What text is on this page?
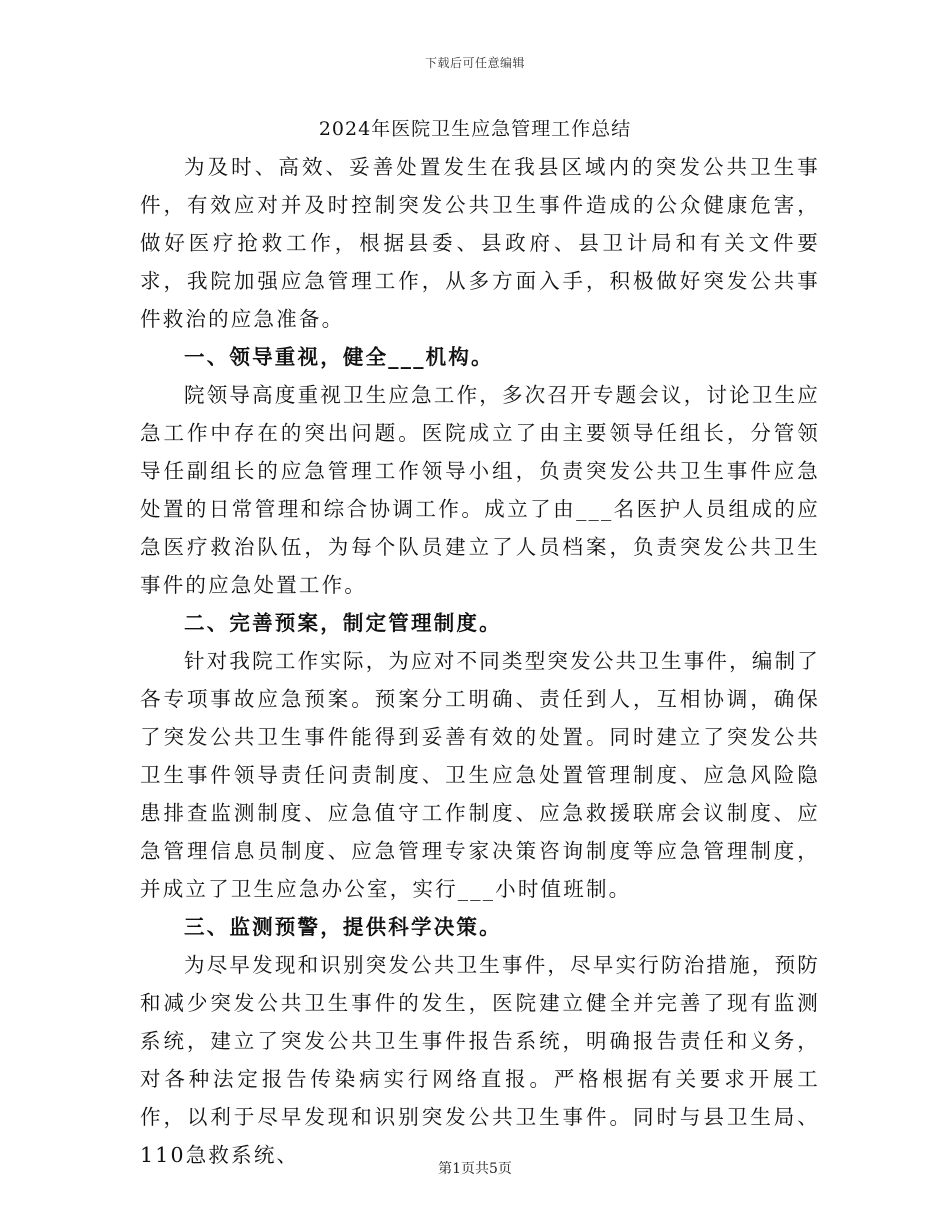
下载后可任意编辑
2024年医院卫生应急管理工作总结

为及时、高效、妥善处置发生在我县区域内的突发公共卫生事件，有效应对并及时控制突发公共卫生事件造成的公众健康危害，做好医疗抢救工作，根据县委、县政府、县卫计局和有关文件要求，我院加强应急管理工作，从多方面入手，积极做好突发公共事件救治的应急准备。

一、领导重视，健全___机构。

院领导高度重视卫生应急工作，多次召开专题会议，讨论卫生应急工作中存在的突出问题。医院成立了由主要领导任组长，分管领导任副组长的应急管理工作领导小组，负责突发公共卫生事件应急处置的日常管理和综合协调工作。成立了由___名医护人员组成的应急医疗救治队伍，为每个队员建立了人员档案，负责突发公共卫生事件的应急处置工作。

二、完善预案，制定管理制度。

针对我院工作实际，为应对不同类型突发公共卫生事件，编制了各专项事故应急预案。预案分工明确、责任到人，互相协调，确保了突发公共卫生事件能得到妥善有效的处置。同时建立了突发公共卫生事件领导责任问责制度、卫生应急处置管理制度、应急风险隐患排查监测制度、应急值守工作制度、应急救援联席会议制度、应急管理信息员制度、应急管理专家决策咨询制度等应急管理制度，并成立了卫生应急办公室，实行___小时值班制。

三、监测预警，提供科学决策。

为尽早发现和识别突发公共卫生事件，尽早实行防治措施，预防和减少突发公共卫生事件的发生，医院建立健全并完善了现有监测系统，建立了突发公共卫生事件报告系统，明确报告责任和义务，对各种法定报告传染病实行网络直报。严格根据有关要求开展工作，以利于尽早发现和识别突发公共卫生事件。同时与县卫生局、110急救系统、

第1页共5页
